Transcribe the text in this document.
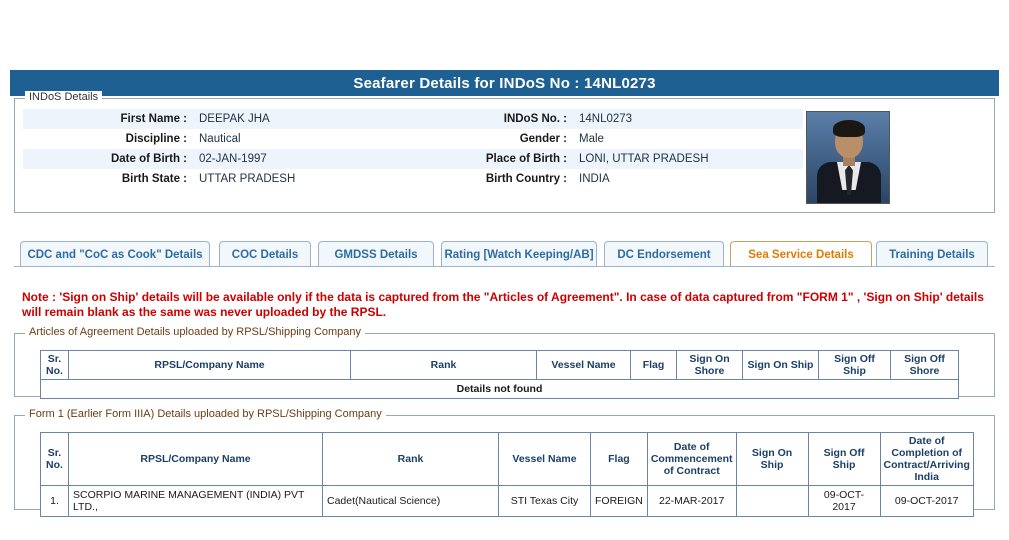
Seafarer Details for INDoS No : 14NL0273
INDoS Details
First Name :	DEEPAK JHA	INDoS No. :	14NL0273
Discipline :	Nautical	Gender :	Male
Date of Birth :	02-JAN-1997	Place of Birth :	LONI, UTTAR PRADESH
Birth State :	UTTAR PRADESH	Birth Country :	INDIA
CDC and "CoC as Cook" Details	COC Details	GMDSS Details	Rating [Watch Keeping/AB]	DC Endorsement	Sea Service Details	Training Details
Note : 'Sign on Ship' details will be available only if the data is captured from the "Articles of Agreement". In case of data captured from "FORM 1" , 'Sign on Ship' details will remain blank as the same was never uploaded by the RPSL.
Articles of Agreement Details uploaded by RPSL/Shipping Company
Sr. No.	RPSL/Company Name	Rank	Vessel Name	Flag	Sign On Shore	Sign On Ship	Sign Off Ship	Sign Off Shore
Details not found
Form 1 (Earlier Form IIIA) Details uploaded by RPSL/Shipping Company
Sr. No.	RPSL/Company Name	Rank	Vessel Name	Flag	Date of Commencement of Contract	Sign On Ship	Sign Off Ship	Date of Completion of Contract/Arriving India
1.	SCORPIO MARINE MANAGEMENT (INDIA) PVT LTD.,	Cadet(Nautical Science)	STI Texas City	FOREIGN	22-MAR-2017		09-OCT-2017	09-OCT-2017
